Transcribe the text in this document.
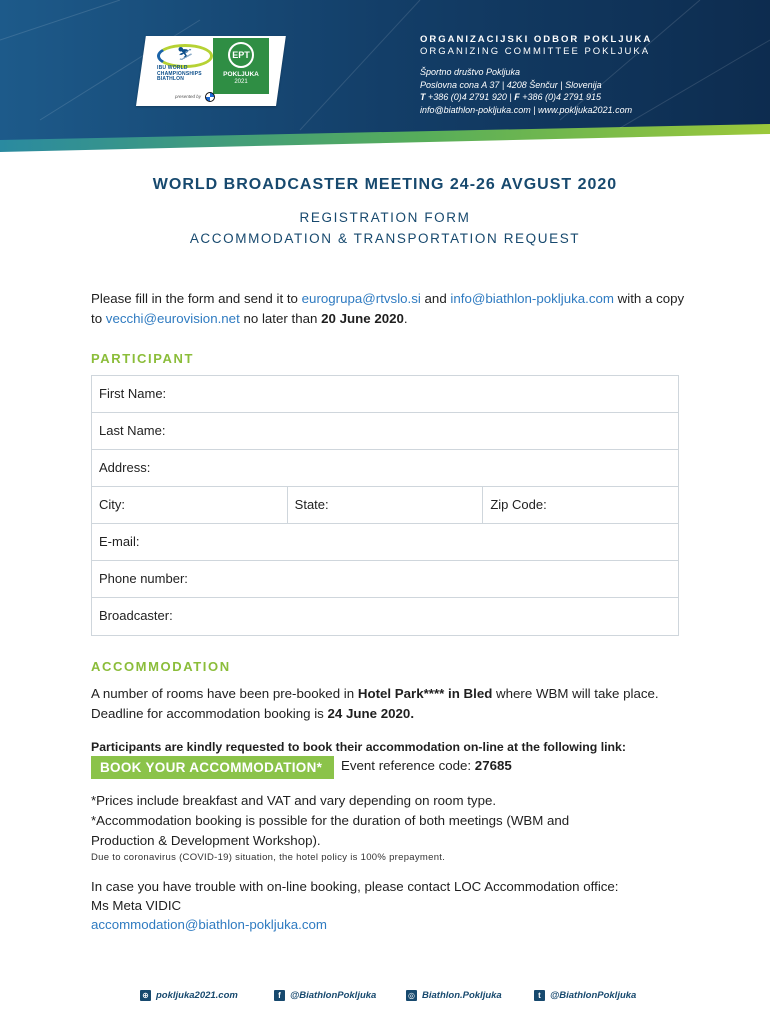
⛷
IBU WORLD CHAMPIONSHIPS BIATHLON
EPT
POKLJUKA
2021
presented by
ORGANIZACIJSKI ODBOR POKLJUKA
ORGANIZING COMMITTEE POKLJUKA
Športno društvo Pokljuka
Poslovna cona A 37 | 4208 Šenčur | Slovenija
T +386 (0)4 2791 920 | F +386 (0)4 2791 915
info@biathlon-pokljuka.com | www.pokljuka2021.com
WORLD BROADCASTER MEETING 24-26 AVGUST 2020
REGISTRATION FORM
ACCOMMODATION & TRANSPORTATION REQUEST
Please fill in the form and send it to eurogrupa@rtvslo.si and info@biathlon-pokljuka.com with a copy to vecchi@eurovision.net no later than 20 June 2020.
PARTICIPANT
First Name:
Last Name:
Address:
City:	State:	Zip Code:
E-mail:
Phone number:
Broadcaster:
ACCOMMODATION
A number of rooms have been pre-booked in Hotel Park**** in Bled where WBM will take place. Deadline for accommodation booking is 24 June 2020.
Participants are kindly requested to book their accommodation on-line at the following link:
BOOK YOUR ACCOMMODATION*	Event reference code: 27685
*Prices include breakfast and VAT and vary depending on room type.
*Accommodation booking is possible for the duration of both meetings (WBM and Production & Development Workshop).
Due to coronavirus (COVID-19) situation, the hotel policy is 100% prepayment.
In case you have trouble with on-line booking, please contact LOC Accommodation office:
Ms Meta VIDIC
accommodation@biathlon-pokljuka.com
⊕ pokljuka2021.com	f @BiathlonPokljuka	◎ Biathlon.Pokljuka	t @BiathlonPokljuka
